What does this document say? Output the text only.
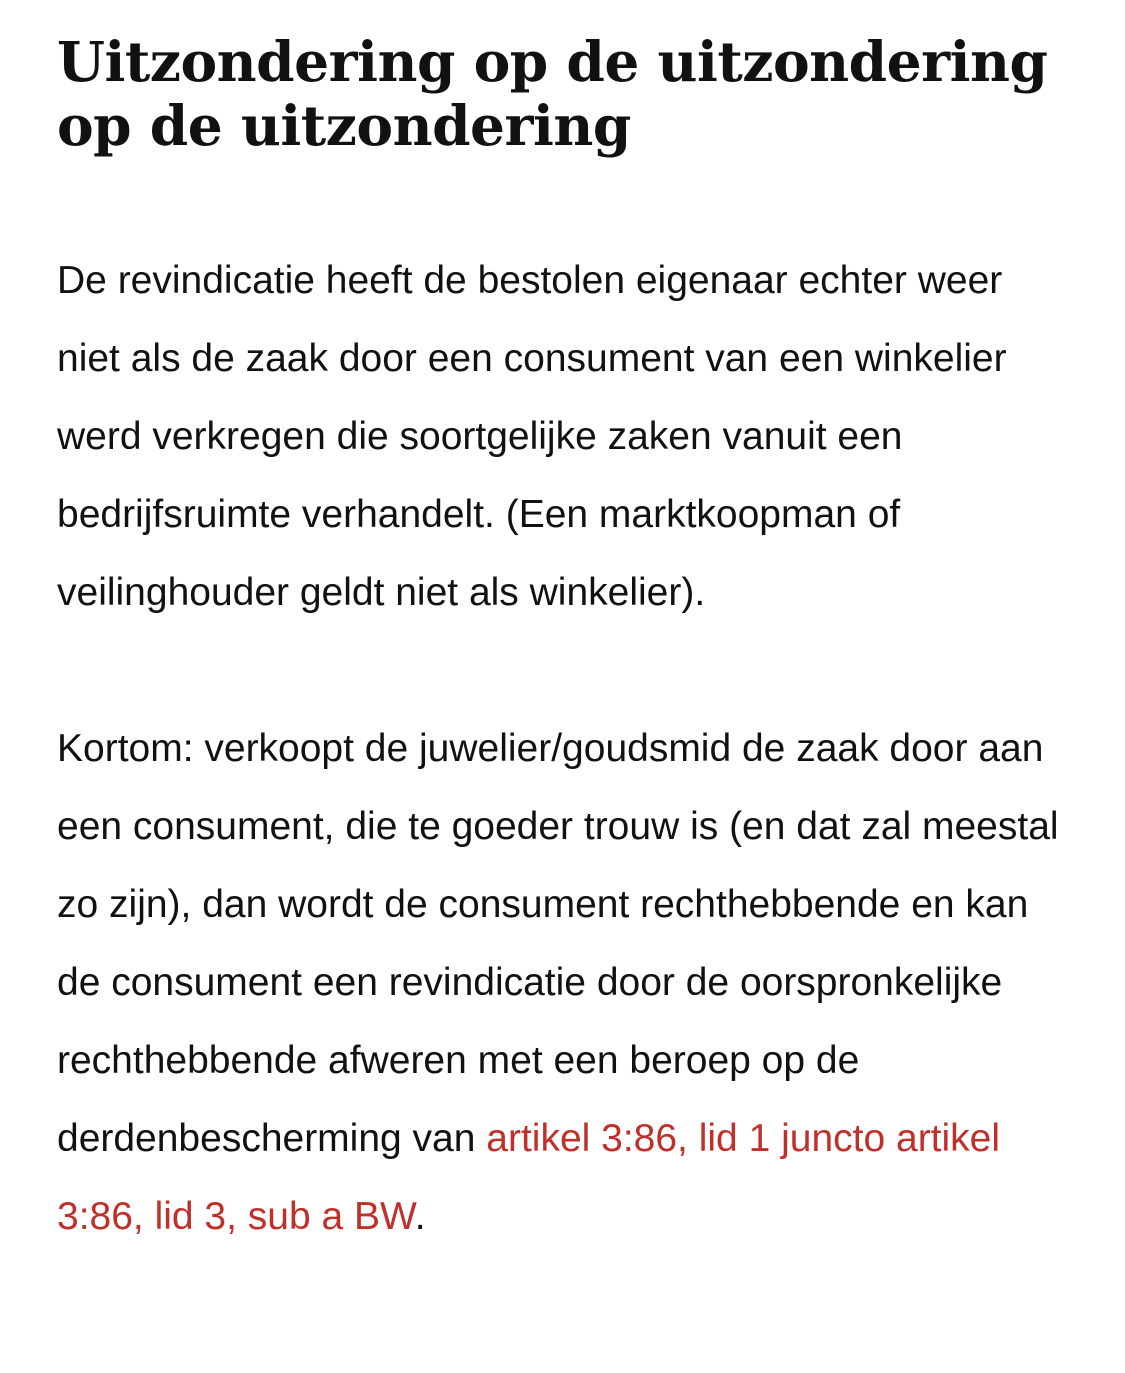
Uitzondering op de uitzondering op de uitzondering

De revindicatie heeft de bestolen eigenaar echter weer niet als de zaak door een consument van een winkelier werd verkregen die soortgelijke zaken vanuit een bedrijfsruimte verhandelt. (Een marktkoopman of veilinghouder geldt niet als winkelier).

Kortom: verkoopt de juwelier/goudsmid de zaak door aan een consument, die te goeder trouw is (en dat zal meestal zo zijn), dan wordt de consument rechthebbende en kan de consument een revindicatie door de oorspronkelijke rechthebbende afweren met een beroep op de derdenbescherming van artikel 3:86, lid 1 juncto artikel 3:86, lid 3, sub a BW.
